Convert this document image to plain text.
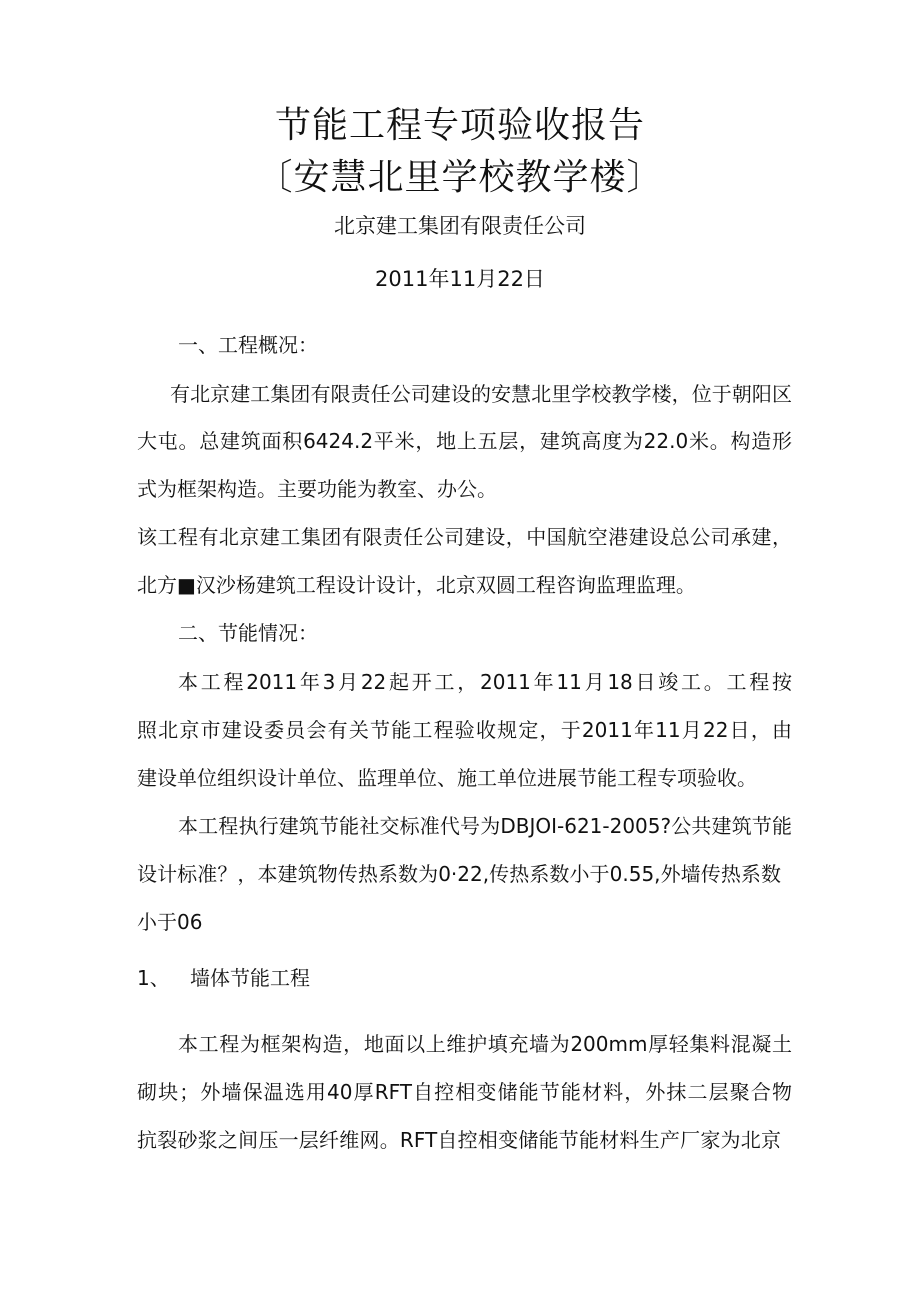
节能工程专项验收报告
〔安慧北里学校教学楼〕
北京建工集团有限责任公司
2011年11月22日
一、工程概况：
有北京建工集团有限责任公司建设的安慧北里学校教学楼，位于朝阳区
大屯。总建筑面积6424.2平米，地上五层，建筑高度为22.0米。构造形
式为框架构造。主要功能为教室、办公。
该工程有北京建工集团有限责任公司建设，中国航空港建设总公司承建，
北方■汉沙杨建筑工程设计设计，北京双圆工程咨询监理监理。
二、节能情况：
本工程2011年3月22起开工，2011年11月18日竣工。工程按
照北京市建设委员会有关节能工程验收规定，于2011年11月22日，由
建设单位组织设计单位、监理单位、施工单位进展节能工程专项验收。
本工程执行建筑节能社交标准代号为DBJOI-621-2005?公共建筑节能
设计标准？，本建筑物传热系数为0·22,传热系数小于0.55,外墙传热系数
小于06
1、 墙体节能工程
本工程为框架构造，地面以上维护填充墙为200mm厚轻集料混凝土
砌块；外墙保温选用40厚RFT自控相变储能节能材料，外抹二层聚合物
抗裂砂浆之间压一层纤维网。RFT自控相变储能节能材料生产厂家为北京
